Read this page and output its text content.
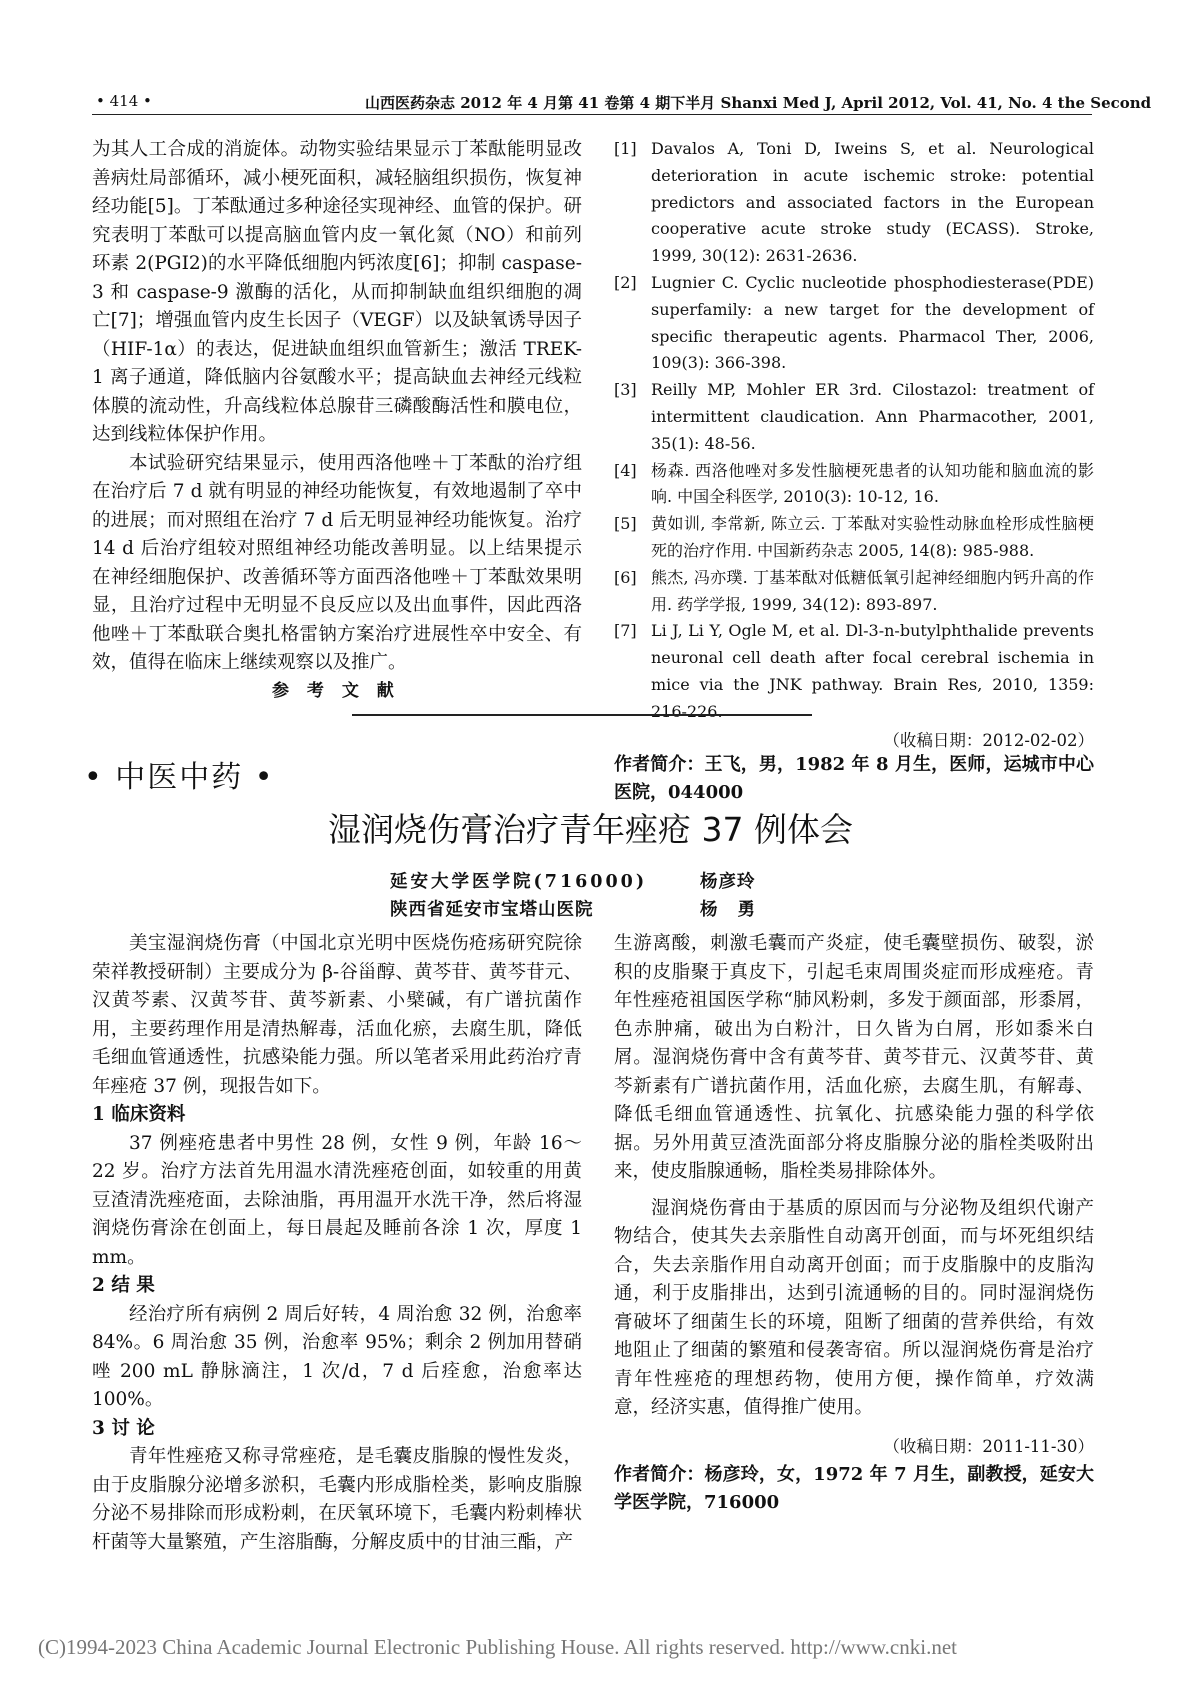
• 414 •	山西医药杂志 2012 年 4 月第 41 卷第 4 期下半月 Shanxi Med J, April 2012, Vol. 41, No. 4 the Second

为其人工合成的消旋体。动物实验结果显示丁苯酞能明显改善病灶局部循环，减小梗死面积，减轻脑组织损伤，恢复神经功能[5]。丁苯酞通过多种途径实现神经、血管的保护。研究表明丁苯酞可以提高脑血管内皮一氧化氮（NO）和前列环素 2(PGI2)的水平降低细胞内钙浓度[6]；抑制 caspase-3 和 caspase-9 激酶的活化，从而抑制缺血组织细胞的凋亡[7]；增强血管内皮生长因子（VEGF）以及缺氧诱导因子（HIF-1α）的表达，促进缺血组织血管新生；激活 TREK-1 离子通道，降低脑内谷氨酸水平；提高缺血去神经元线粒体膜的流动性，升高线粒体总腺苷三磷酸酶活性和膜电位，达到线粒体保护作用。

本试验研究结果显示，使用西洛他唑＋丁苯酞的治疗组在治疗后 7 d 就有明显的神经功能恢复，有效地遏制了卒中的进展；而对照组在治疗 7 d 后无明显神经功能恢复。治疗 14 d 后治疗组较对照组神经功能改善明显。以上结果提示在神经细胞保护、改善循环等方面西洛他唑＋丁苯酞效果明显，且治疗过程中无明显不良反应以及出血事件，因此西洛他唑＋丁苯酞联合奥扎格雷钠方案治疗进展性卒中安全、有效，值得在临床上继续观察以及推广。

参 考 文 献
[1] Davalos A, Toni D, Iweins S, et al. Neurological deterioration in acute ischemic stroke: potential predictors and associated factors in the European cooperative acute stroke study (ECASS). Stroke, 1999, 30(12): 2631-2636.
[2] Lugnier C. Cyclic nucleotide phosphodiesterase(PDE) superfamily: a new target for the development of specific therapeutic agents. Pharmacol Ther, 2006, 109(3): 366-398.
[3] Reilly MP, Mohler ER 3rd. Cilostazol: treatment of intermittent claudication. Ann Pharmacother, 2001, 35(1): 48-56.
[4] 杨森. 西洛他唑对多发性脑梗死患者的认知功能和脑血流的影响. 中国全科医学, 2010(3): 10-12, 16.
[5] 黄如训, 李常新, 陈立云. 丁苯酞对实验性动脉血栓形成性脑梗死的治疗作用. 中国新药杂志 2005, 14(8): 985-988.
[6] 熊杰, 冯亦璞. 丁基苯酞对低糖低氧引起神经细胞内钙升高的作用. 药学学报, 1999, 34(12): 893-897.
[7] Li J, Li Y, Ogle M, et al. Dl-3-n-butylphthalide prevents neuronal cell death after focal cerebral ischemia in mice via the JNK pathway. Brain Res, 2010, 1359: 216-226.
（收稿日期：2012-02-02）
作者简介：王飞，男，1982 年 8 月生，医师，运城市中心医院，044000
• 中医中药 •
湿润烧伤膏治疗青年痤疮 37 例体会
延安大学医学院(716000)	杨彦玲
陕西省延安市宝塔山医院	杨勇

美宝湿润烧伤膏（中国北京光明中医烧伤疮疡研究院徐荣祥教授研制）主要成分为 β-谷甾醇、黄芩苷、黄芩苷元、汉黄芩素、汉黄芩苷、黄芩新素、小檗碱，有广谱抗菌作用，主要药理作用是清热解毒，活血化瘀，去腐生肌，降低毛细血管通透性，抗感染能力强。所以笔者采用此药治疗青年痤疮 37 例，现报告如下。

1 临床资料

37 例痤疮患者中男性 28 例，女性 9 例，年龄 16～22 岁。治疗方法首先用温水清洗痤疮创面，如较重的用黄豆渣清洗痤疮面，去除油脂，再用温开水洗干净，然后将湿润烧伤膏涂在创面上，每日晨起及睡前各涂 1 次，厚度 1 mm。

2 结 果

经治疗所有病例 2 周后好转，4 周治愈 32 例，治愈率 84%。6 周治愈 35 例，治愈率 95%；剩余 2 例加用替硝唑 200 mL 静脉滴注，1 次/d，7 d 后痊愈，治愈率达 100%。

3 讨 论

青年性痤疮又称寻常痤疮，是毛囊皮脂腺的慢性发炎，由于皮脂腺分泌增多淤积，毛囊内形成脂栓类，影响皮脂腺分泌不易排除而形成粉刺，在厌氧环境下，毛囊内粉刺棒状杆菌等大量繁殖，产生溶脂酶，分解皮质中的甘油三酯，产

生游离酸，刺激毛囊而产炎症，使毛囊壁损伤、破裂，淤积的皮脂聚于真皮下，引起毛束周围炎症而形成痤疮。青年性痤疮祖国医学称“肺风粉刺，多发于颜面部，形黍屑，色赤肿痛，破出为白粉汁，日久皆为白屑，形如黍米白屑。湿润烧伤膏中含有黄芩苷、黄芩苷元、汉黄芩苷、黄芩新素有广谱抗菌作用，活血化瘀，去腐生肌，有解毒、降低毛细血管通透性、抗氧化、抗感染能力强的科学依据。另外用黄豆渣洗面部分将皮脂腺分泌的脂栓类吸附出来，使皮脂腺通畅，脂栓类易排除体外。

湿润烧伤膏由于基质的原因而与分泌物及组织代谢产物结合，使其失去亲脂性自动离开创面，而与坏死组织结合，失去亲脂作用自动离开创面；而于皮脂腺中的皮脂沟通，利于皮脂排出，达到引流通畅的目的。同时湿润烧伤膏破坏了细菌生长的环境，阻断了细菌的营养供给，有效地阻止了细菌的繁殖和侵袭寄宿。所以湿润烧伤膏是治疗青年性痤疮的理想药物，使用方便，操作简单，疗效满意，经济实惠，值得推广使用。

（收稿日期：2011-11-30）
作者简介：杨彦玲，女，1972 年 7 月生，副教授，延安大学医学院，716000
(C)1994-2023 China Academic Journal Electronic Publishing House. All rights reserved. http://www.cnki.net
